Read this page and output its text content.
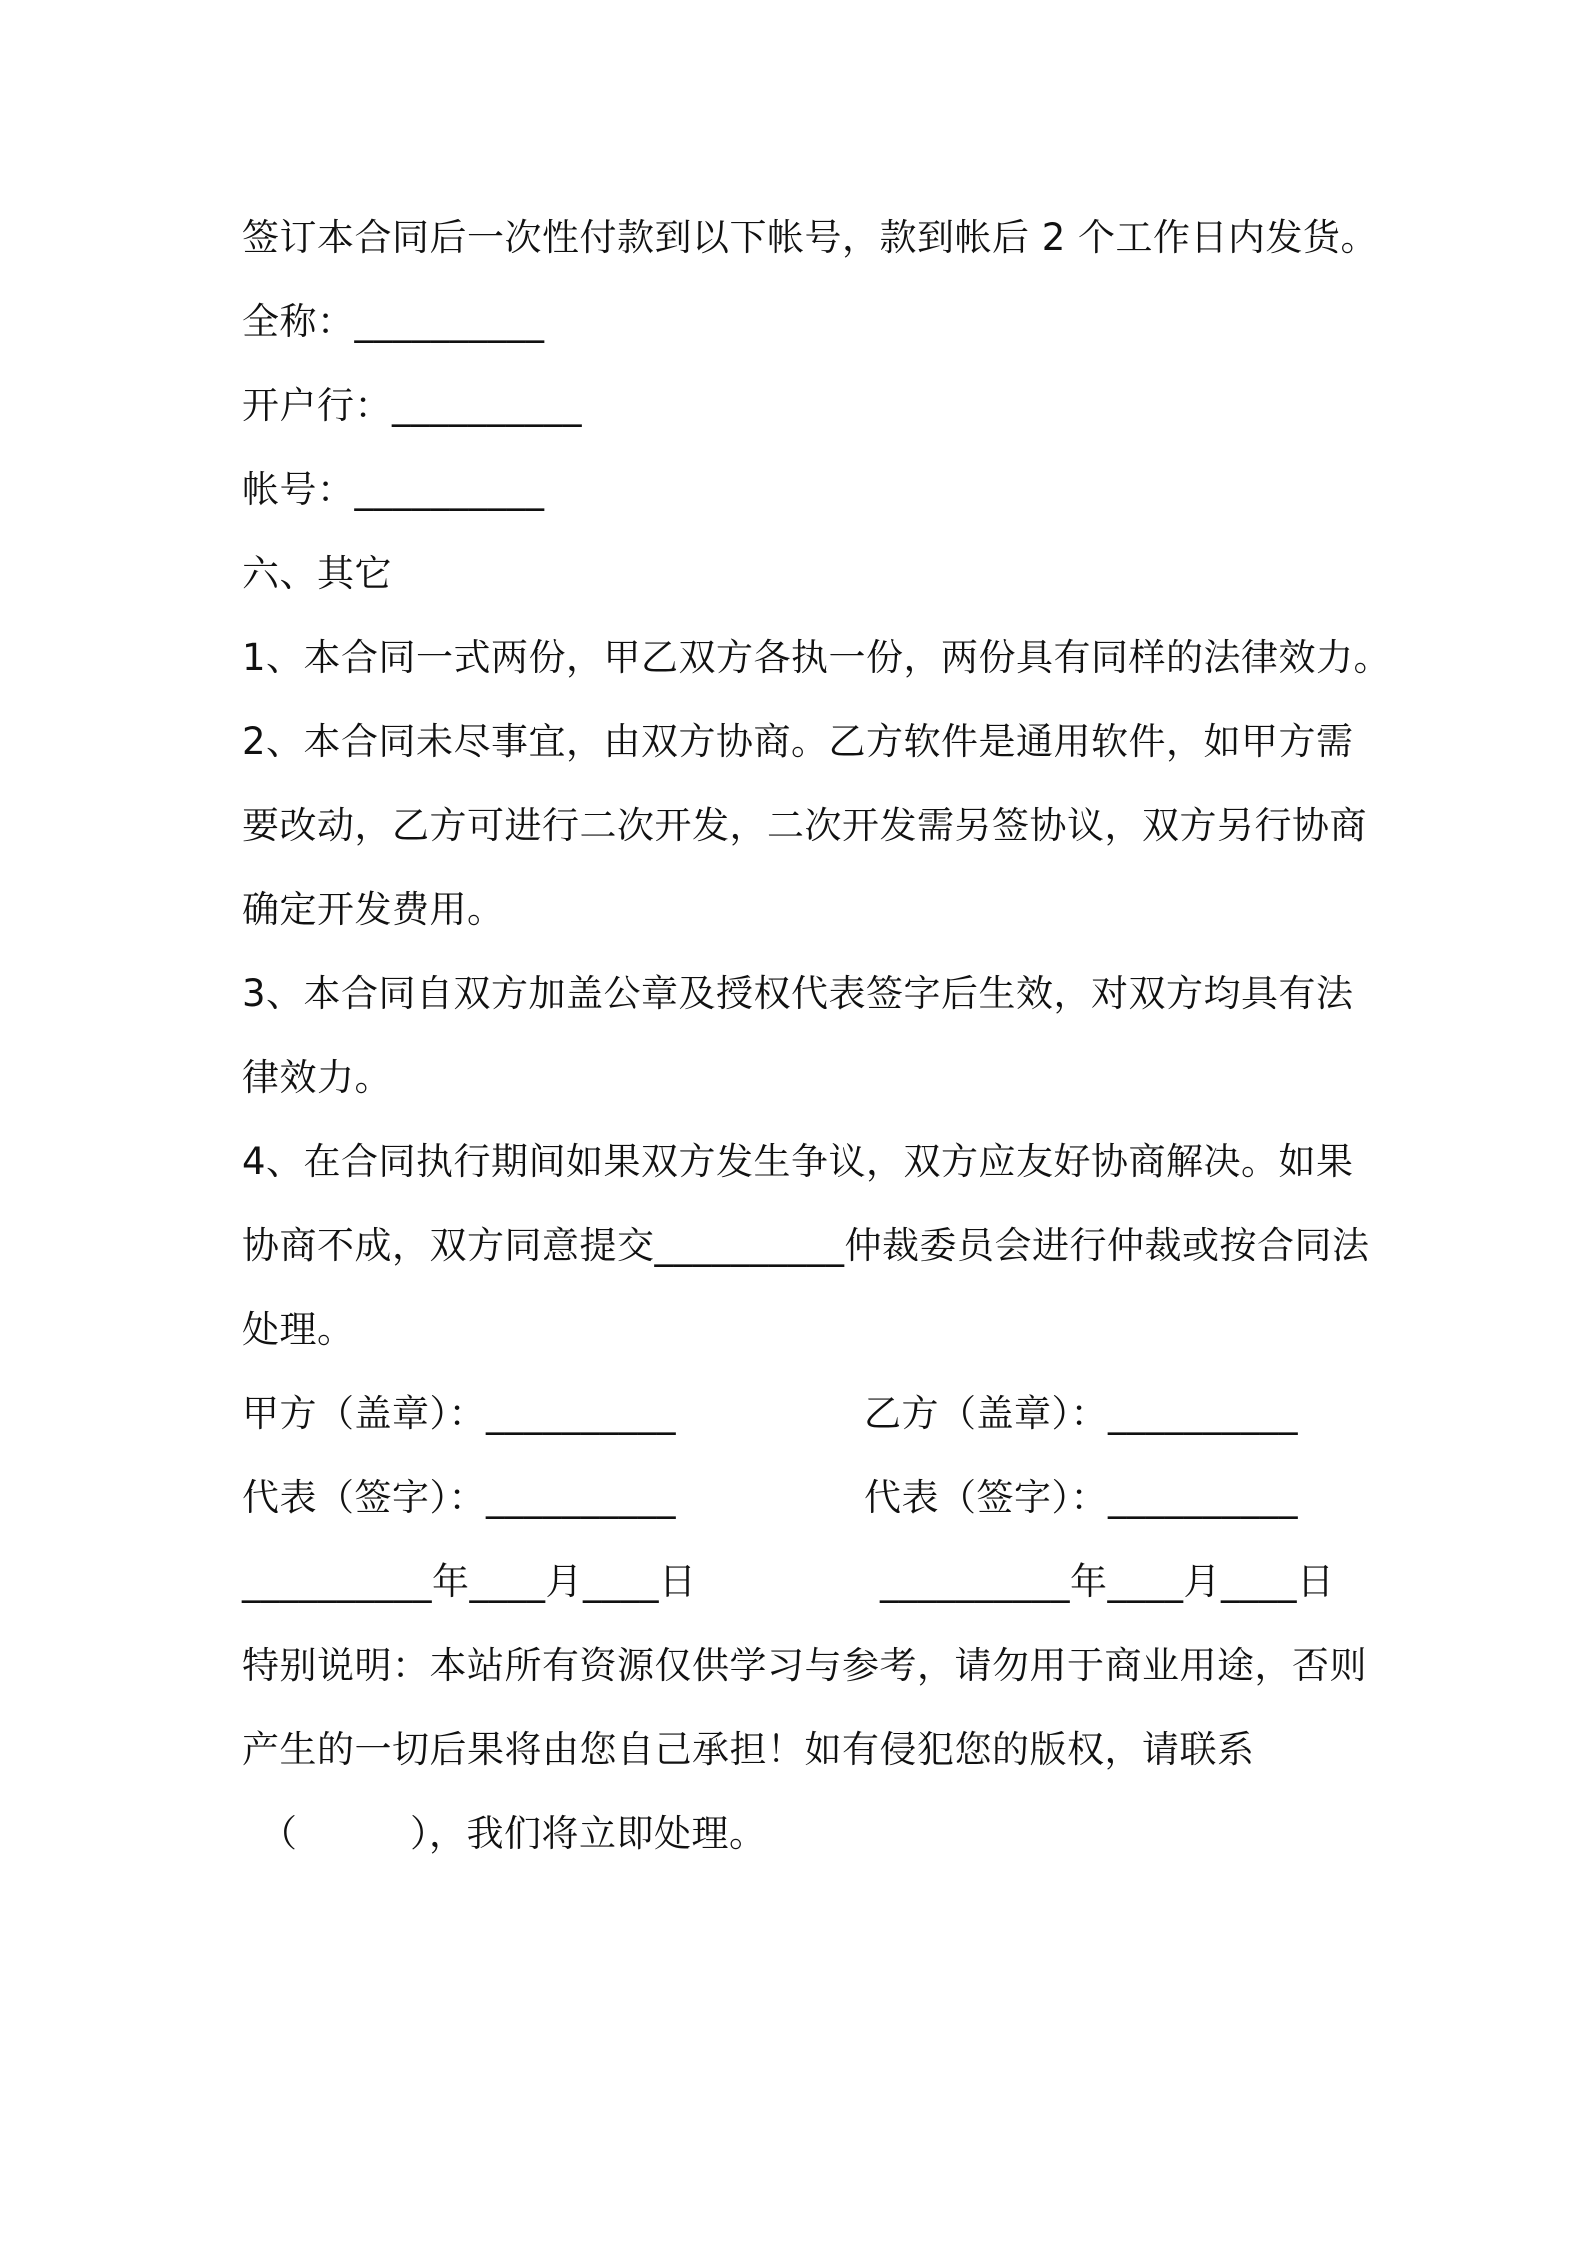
签订本合同后一次性付款到以下帐号，款到帐后 2 个工作日内发货。
全称：__________
开户行：__________
帐号：__________
六、其它
1、本合同一式两份，甲乙双方各执一份，两份具有同样的法律效力。
2、本合同未尽事宜，由双方协商。乙方软件是通用软件，如甲方需
要改动，乙方可进行二次开发，二次开发需另签协议，双方另行协商
确定开发费用。
3、本合同自双方加盖公章及授权代表签字后生效，对双方均具有法
律效力。
4、在合同执行期间如果双方发生争议，双方应友好协商解决。如果
协商不成，双方同意提交__________仲裁委员会进行仲裁或按合同法
处理。
甲方（盖章）：__________	乙方（盖章）：__________
代表（签字）：__________	代表（签字）：__________
__________年____月____日	__________年____月____日
特别说明：本站所有资源仅供学习与参考，请勿用于商业用途，否则
产生的一切后果将由您自己承担！如有侵犯您的版权，请联系
（　　　），我们将立即处理。
